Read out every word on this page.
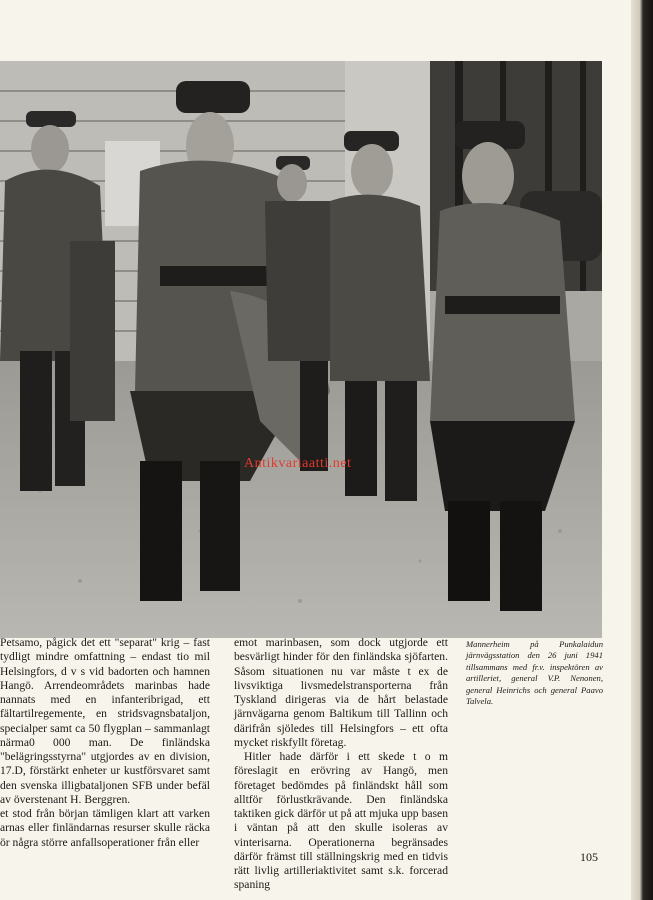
Antikvariaatti.net

Petsamo, pågick det ett "separat" krig – fast tydligt mindre omfattning – endast tio mil Helsingfors, d v s vid badorten och hamnen Hangö. Arrendeområdets marinbas hade nannats med en infanteribrigad, ett fältartilregemente, en stridsvagnsbataljon, specialper samt ca 50 flygplan – sammanlagt närma0 000 man. De finländska "belägringsstyrna" utgjordes av en division, 17.D, förstärkt enheter ur kustförsvaret samt den svenska illigbataljonen SFB under befäl av överstenant H. Berggren.

et stod från början tämligen klart att varken arnas eller finländarnas resurser skulle räcka ör några större anfallsoperationer från eller

emot marinbasen, som dock utgjorde ett besvärligt hinder för den finländska sjöfarten. Såsom situationen nu var måste t ex de livsviktiga livsmedelstransporterna från Tyskland dirigeras via de hårt belastade järnvägarna genom Baltikum till Tallinn och därifrån sjöledes till Helsingfors – ett ofta mycket riskfyllt företag.

Hitler hade därför i ett skede t o m föreslagit en erövring av Hangö, men företaget bedömdes på finländskt håll som alltför förlustkrävande. Den finländska taktiken gick därför ut på att mjuka upp basen i väntan på att den skulle isoleras av vinterisarna. Operationerna begränsades därför främst till ställningskrig med en tidvis rätt livlig artilleriaktivitet samt s.k. forcerad spaning

Mannerheim på Punkalaidun järnvägsstation den 26 juni 1941 tillsammans med fr.v. inspektören av artilleriet, general V.P. Nenonen, general Heinrichs och general Paavo Talvela.
105
